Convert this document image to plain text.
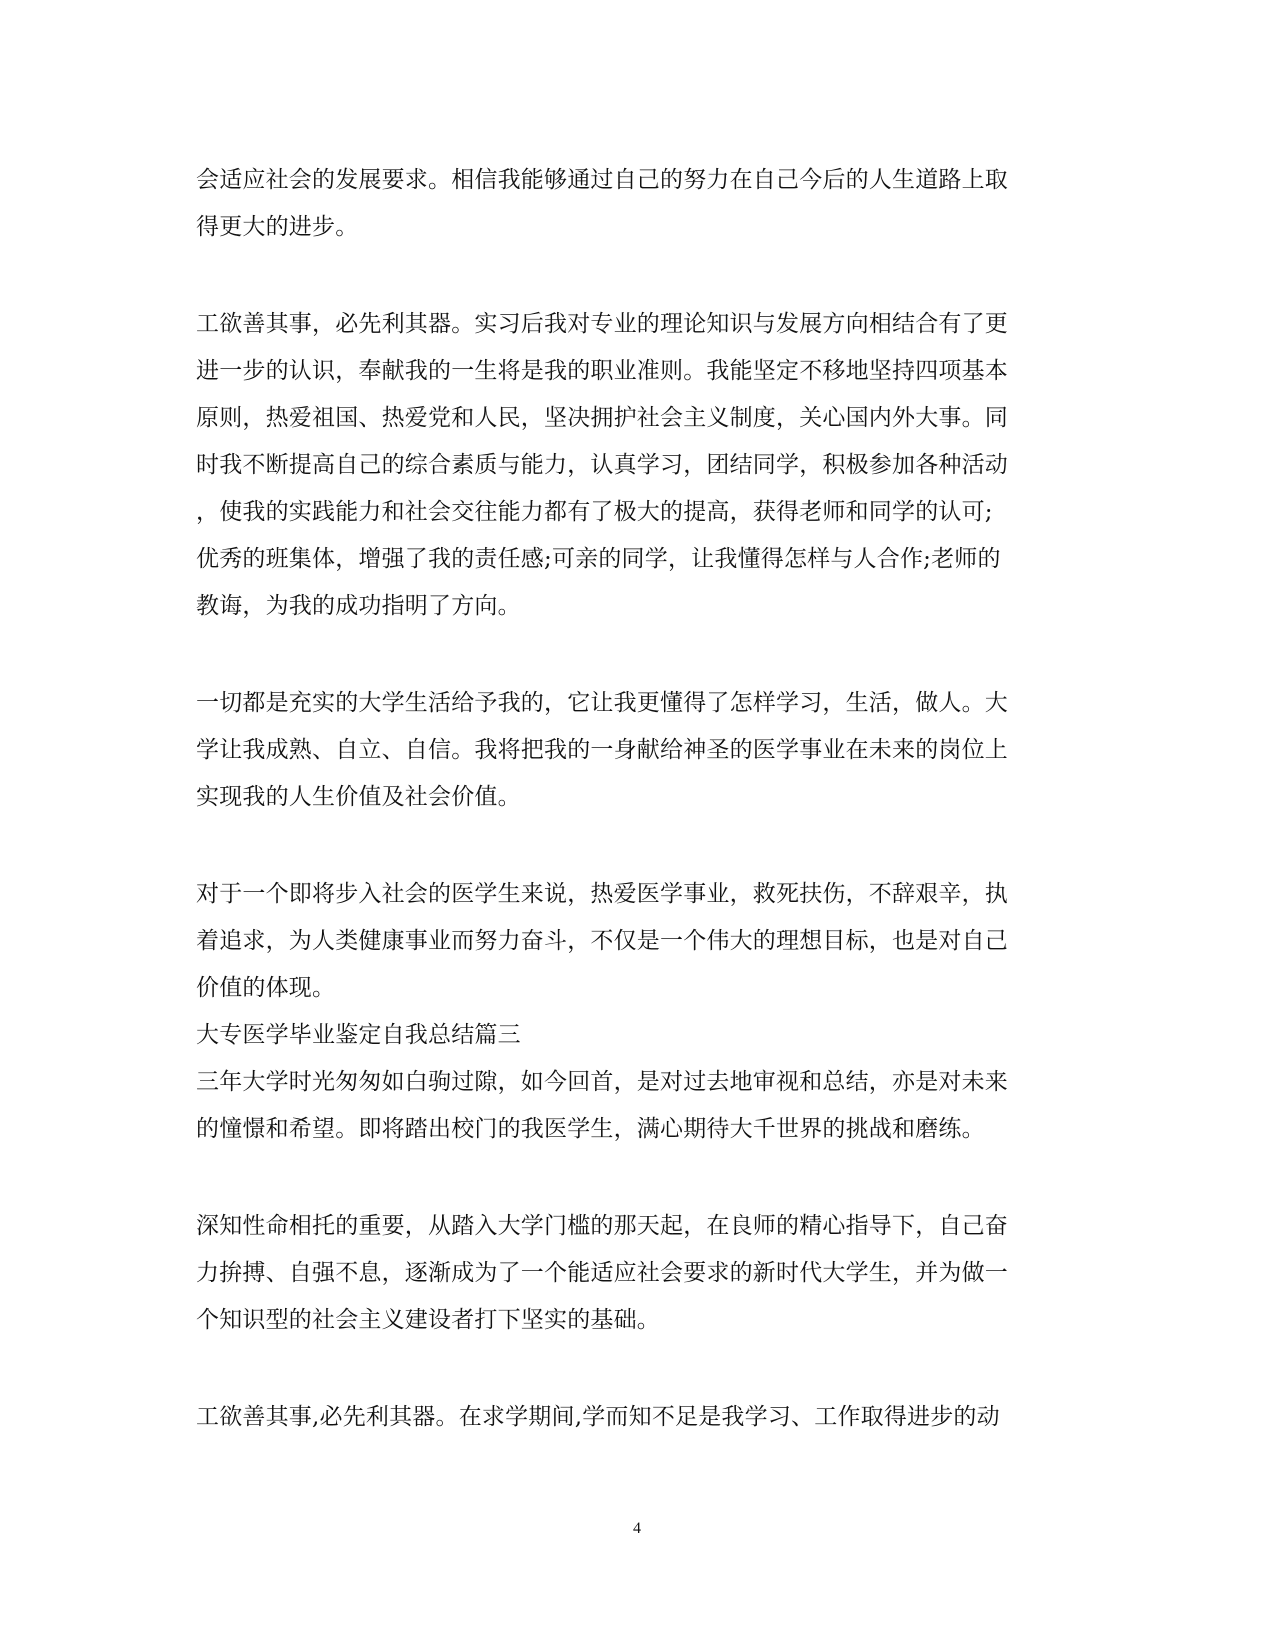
会适应社会的发展要求。相信我能够通过自己的努力在自己今后的人生道路上取
得更大的进步。
工欲善其事，必先利其器。实习后我对专业的理论知识与发展方向相结合有了更
进一步的认识，奉献我的一生将是我的职业准则。我能坚定不移地坚持四项基本
原则，热爱祖国、热爱党和人民，坚决拥护社会主义制度，关心国内外大事。同
时我不断提高自己的综合素质与能力，认真学习，团结同学，积极参加各种活动
，使我的实践能力和社会交往能力都有了极大的提高，获得老师和同学的认可;
优秀的班集体，增强了我的责任感;可亲的同学，让我懂得怎样与人合作;老师的
教诲，为我的成功指明了方向。
一切都是充实的大学生活给予我的，它让我更懂得了怎样学习，生活，做人。大
学让我成熟、自立、自信。我将把我的一身献给神圣的医学事业在未来的岗位上
实现我的人生价值及社会价值。
对于一个即将步入社会的医学生来说，热爱医学事业，救死扶伤，不辞艰辛，执
着追求，为人类健康事业而努力奋斗，不仅是一个伟大的理想目标，也是对自己
价值的体现。
大专医学毕业鉴定自我总结篇三
三年大学时光匆匆如白驹过隙，如今回首，是对过去地审视和总结，亦是对未来
的憧憬和希望。即将踏出校门的我医学生，满心期待大千世界的挑战和磨练。
深知性命相托的重要，从踏入大学门槛的那天起，在良师的精心指导下，自己奋
力拚搏、自强不息，逐渐成为了一个能适应社会要求的新时代大学生，并为做一
个知识型的社会主义建设者打下坚实的基础。
工欲善其事,必先利其器。在求学期间,学而知不足是我学习、工作取得进步的动
4
